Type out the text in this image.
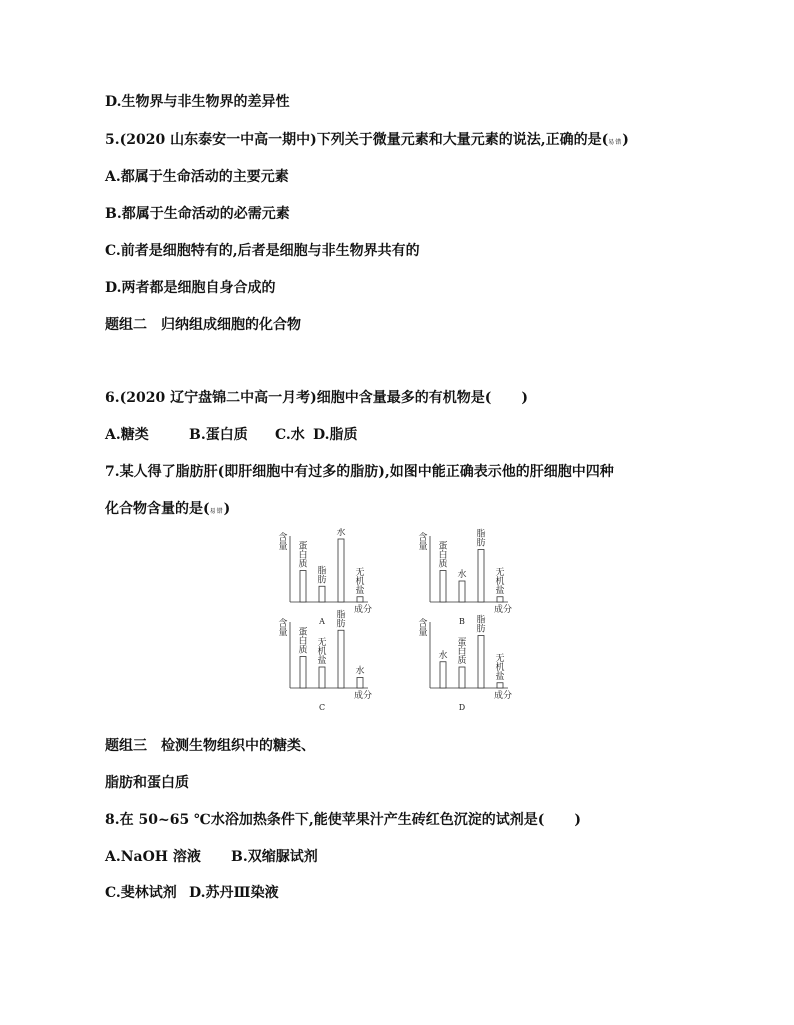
D.生物界与非生物界的差异性
5.(2020 山东泰安一中高一期中)下列关于微量元素和大量元素的说法,正确的是(易错)
A.都属于生命活动的主要元素
B.都属于生命活动的必需元素
C.前者是细胞特有的,后者是细胞与非生物界共有的
D.两者都是细胞自身合成的
题组二　归纳组成细胞的化合物
6.(2020 辽宁盘锦二中高一月考)细胞中含量最多的有机物是( )
A.糖类	B.蛋白质 C.水 D.脂质
7.某人得了脂肪肝(即肝细胞中有过多的脂肪),如图中能正确表示他的肝细胞中四种
化合物含量的是(易错)
含量
成分
A
蛋白质
脂肪
水
无机盐
含量
成分
B
蛋白质
水
脂肪
无机盐
含量
成分
C
蛋白质
无机盐
脂肪
水
含量
成分
D
水
蛋白质
脂肪
无机盐
题组三　检测生物组织中的糖类、
脂肪和蛋白质
8.在 50~65 ℃水浴加热条件下,能使苹果汁产生砖红色沉淀的试剂是( )
A.NaOH 溶液 B.双缩脲试剂
C.斐林试剂 D.苏丹Ⅲ染液
